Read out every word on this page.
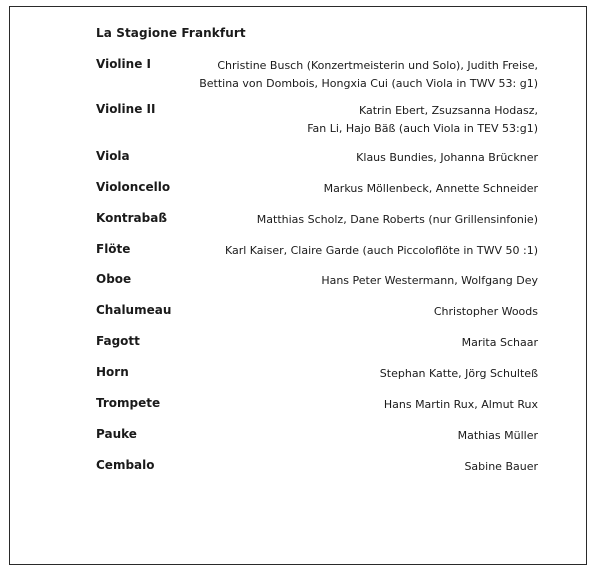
La Stagione Frankfurt
Violine I	Christine Busch (Konzertmeisterin und Solo), Judith Freise,
Bettina von Dombois, Hongxia Cui (auch Viola in TWV 53: g1)
Violine II	Katrin Ebert, Zsuzsanna Hodasz,
Fan Li, Hajo Bäß (auch Viola in TEV 53:g1)
Viola	Klaus Bundies, Johanna Brückner
Violoncello	Markus Möllenbeck, Annette Schneider
Kontrabaß	Matthias Scholz, Dane Roberts (nur Grillensinfonie)
Flöte	Karl Kaiser, Claire Garde (auch Piccoloflöte in TWV 50 :1)
Oboe	Hans Peter Westermann, Wolfgang Dey
Chalumeau	Christopher Woods
Fagott	Marita Schaar
Horn	Stephan Katte, Jörg Schulteß
Trompete	Hans Martin Rux, Almut Rux
Pauke	Mathias Müller
Cembalo	Sabine Bauer
